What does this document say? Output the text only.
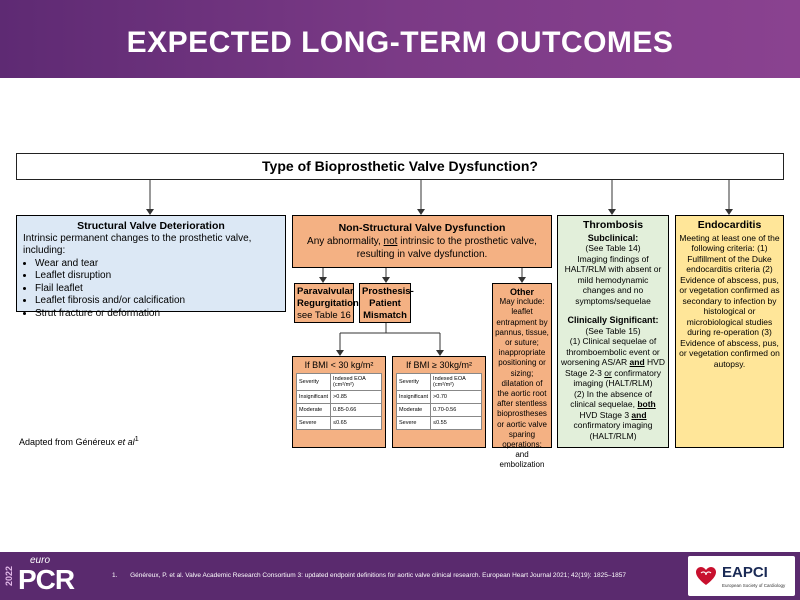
EXPECTED LONG-TERM OUTCOMES
Type of Bioprosthetic Valve Dysfunction?
Structural Valve Deterioration
Intrinsic permanent changes to the prosthetic valve, including:
• Wear and tear
• Leaflet disruption
• Flail leaflet
• Leaflet fibrosis and/or calcification
• Strut fracture or deformation
Non-Structural Valve Dysfunction
Any abnormality, not intrinsic to the prosthetic valve, resulting in valve dysfunction.
Paravalvular Regurgitation
see Table 16
Prosthesis-Patient Mismatch
Other
May include: leaflet entrapment by pannus, tissue, or suture; inappropriate positioning or sizing; dilatation of the aortic root after stentless bioprostheses or aortic valve sparing operations; and embolization
If BMI < 30 kg/m²
Severity	Indexed EOA (cm²/m²)
Insignificant	>0.85
Moderate	0.85-0.66
Severe	≤0.65
If BMI ≥ 30kg/m²
Severity	Indexed EOA (cm²/m²)
Insignificant	>0.70
Moderate	0.70-0.56
Severe	≤0.55
Thrombosis
Subclinical:
(See Table 14)
Imaging findings of HALT/RLM with absent or mild hemodynamic changes and no symptoms/sequelae
Clinically Significant:
(See Table 15)
(1) Clinical sequelae of thromboembolic event or worsening AS/AR and HVD Stage 2-3 or confirmatory imaging (HALT/RLM)
(2) In the absence of clinical sequelae, both HVD Stage 3 and confirmatory imaging (HALT/RLM)
Endocarditis
Meeting at least one of the following criteria: (1) Fulfillment of the Duke endocarditis criteria (2) Evidence of abscess, pus, or vegetation confirmed as secondary to infection by histological or microbiological studies during re-operation (3) Evidence of abscess, pus, or vegetation confirmed on autopsy.
Adapted from Généreux et $al^1$
2022
euro
PCR	1. Généreux, P. et al. Valve Academic Research Consortium 3: updated endpoint definitions for aortic valve clinical research. European Heart Journal 2021; 42(19): 1825–1857	EAPCI
European Society of Cardiology
